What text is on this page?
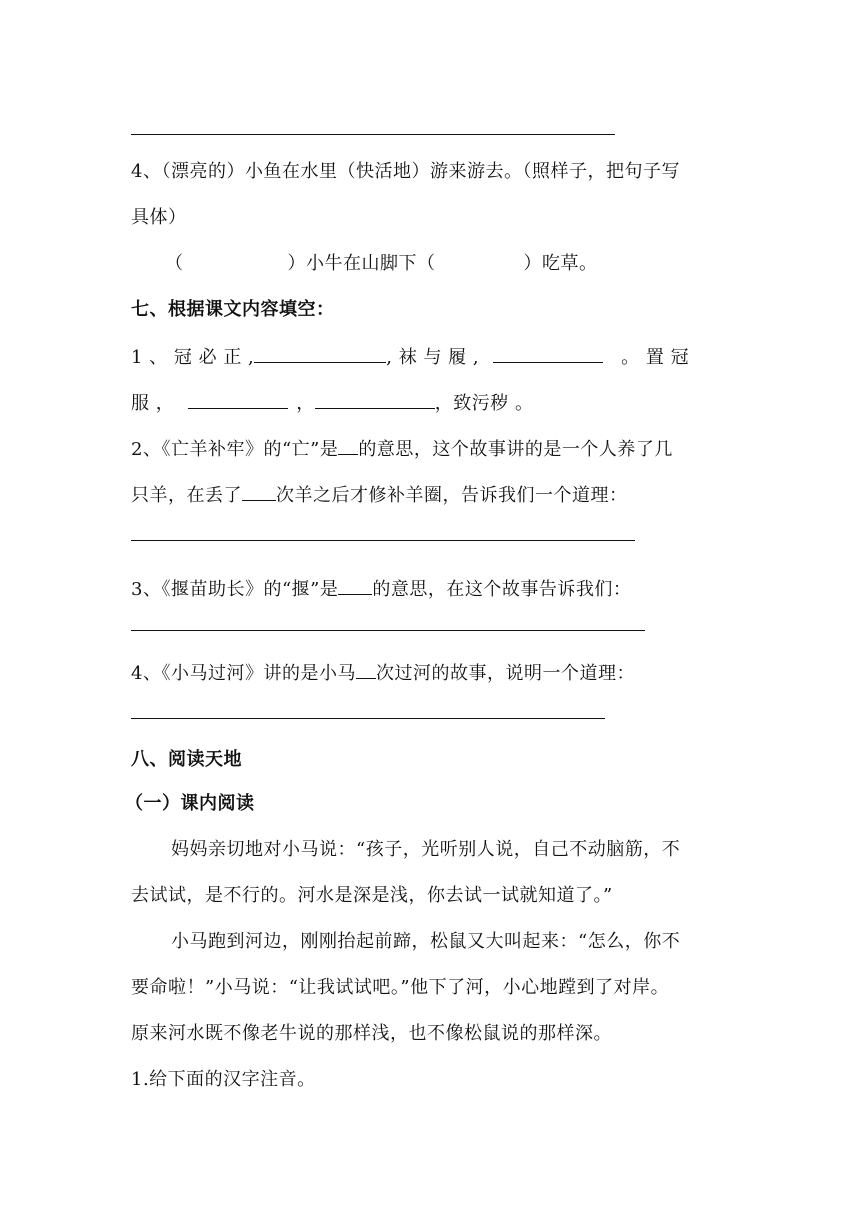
4、（漂亮的）小鱼在水里（快活地）游来游去。（照样子，把句子写
具体）
（	）小牛在山脚下（	）吃草。
七、根据课文内容填空：
1 、 冠 必 正 ,	, 袜 与 履 ,	。 置 冠
服 ，	，	，致污秽 。
2、《亡羊补牢》的“亡”是 的意思，这个故事讲的是一个人养了几
只羊，在丢了 次羊之后才修补羊圈，告诉我们一个道理：
3、《揠苗助长》的“揠”是 的意思，在这个故事告诉我们：
4、《小马过河》讲的是小马 次过河的故事，说明一个道理：
八、阅读天地
（一）课内阅读
妈妈亲切地对小马说：“孩子，光听别人说，自己不动脑筋，不
去试试，是不行的。河水是深是浅，你去试一试就知道了。”
小马跑到河边，刚刚抬起前蹄，松鼠又大叫起来：“怎么，你不
要命啦！”小马说：“让我试试吧。”他下了河，小心地蹚到了对岸。
原来河水既不像老牛说的那样浅，也不像松鼠说的那样深。
1.给下面的汉字注音。
